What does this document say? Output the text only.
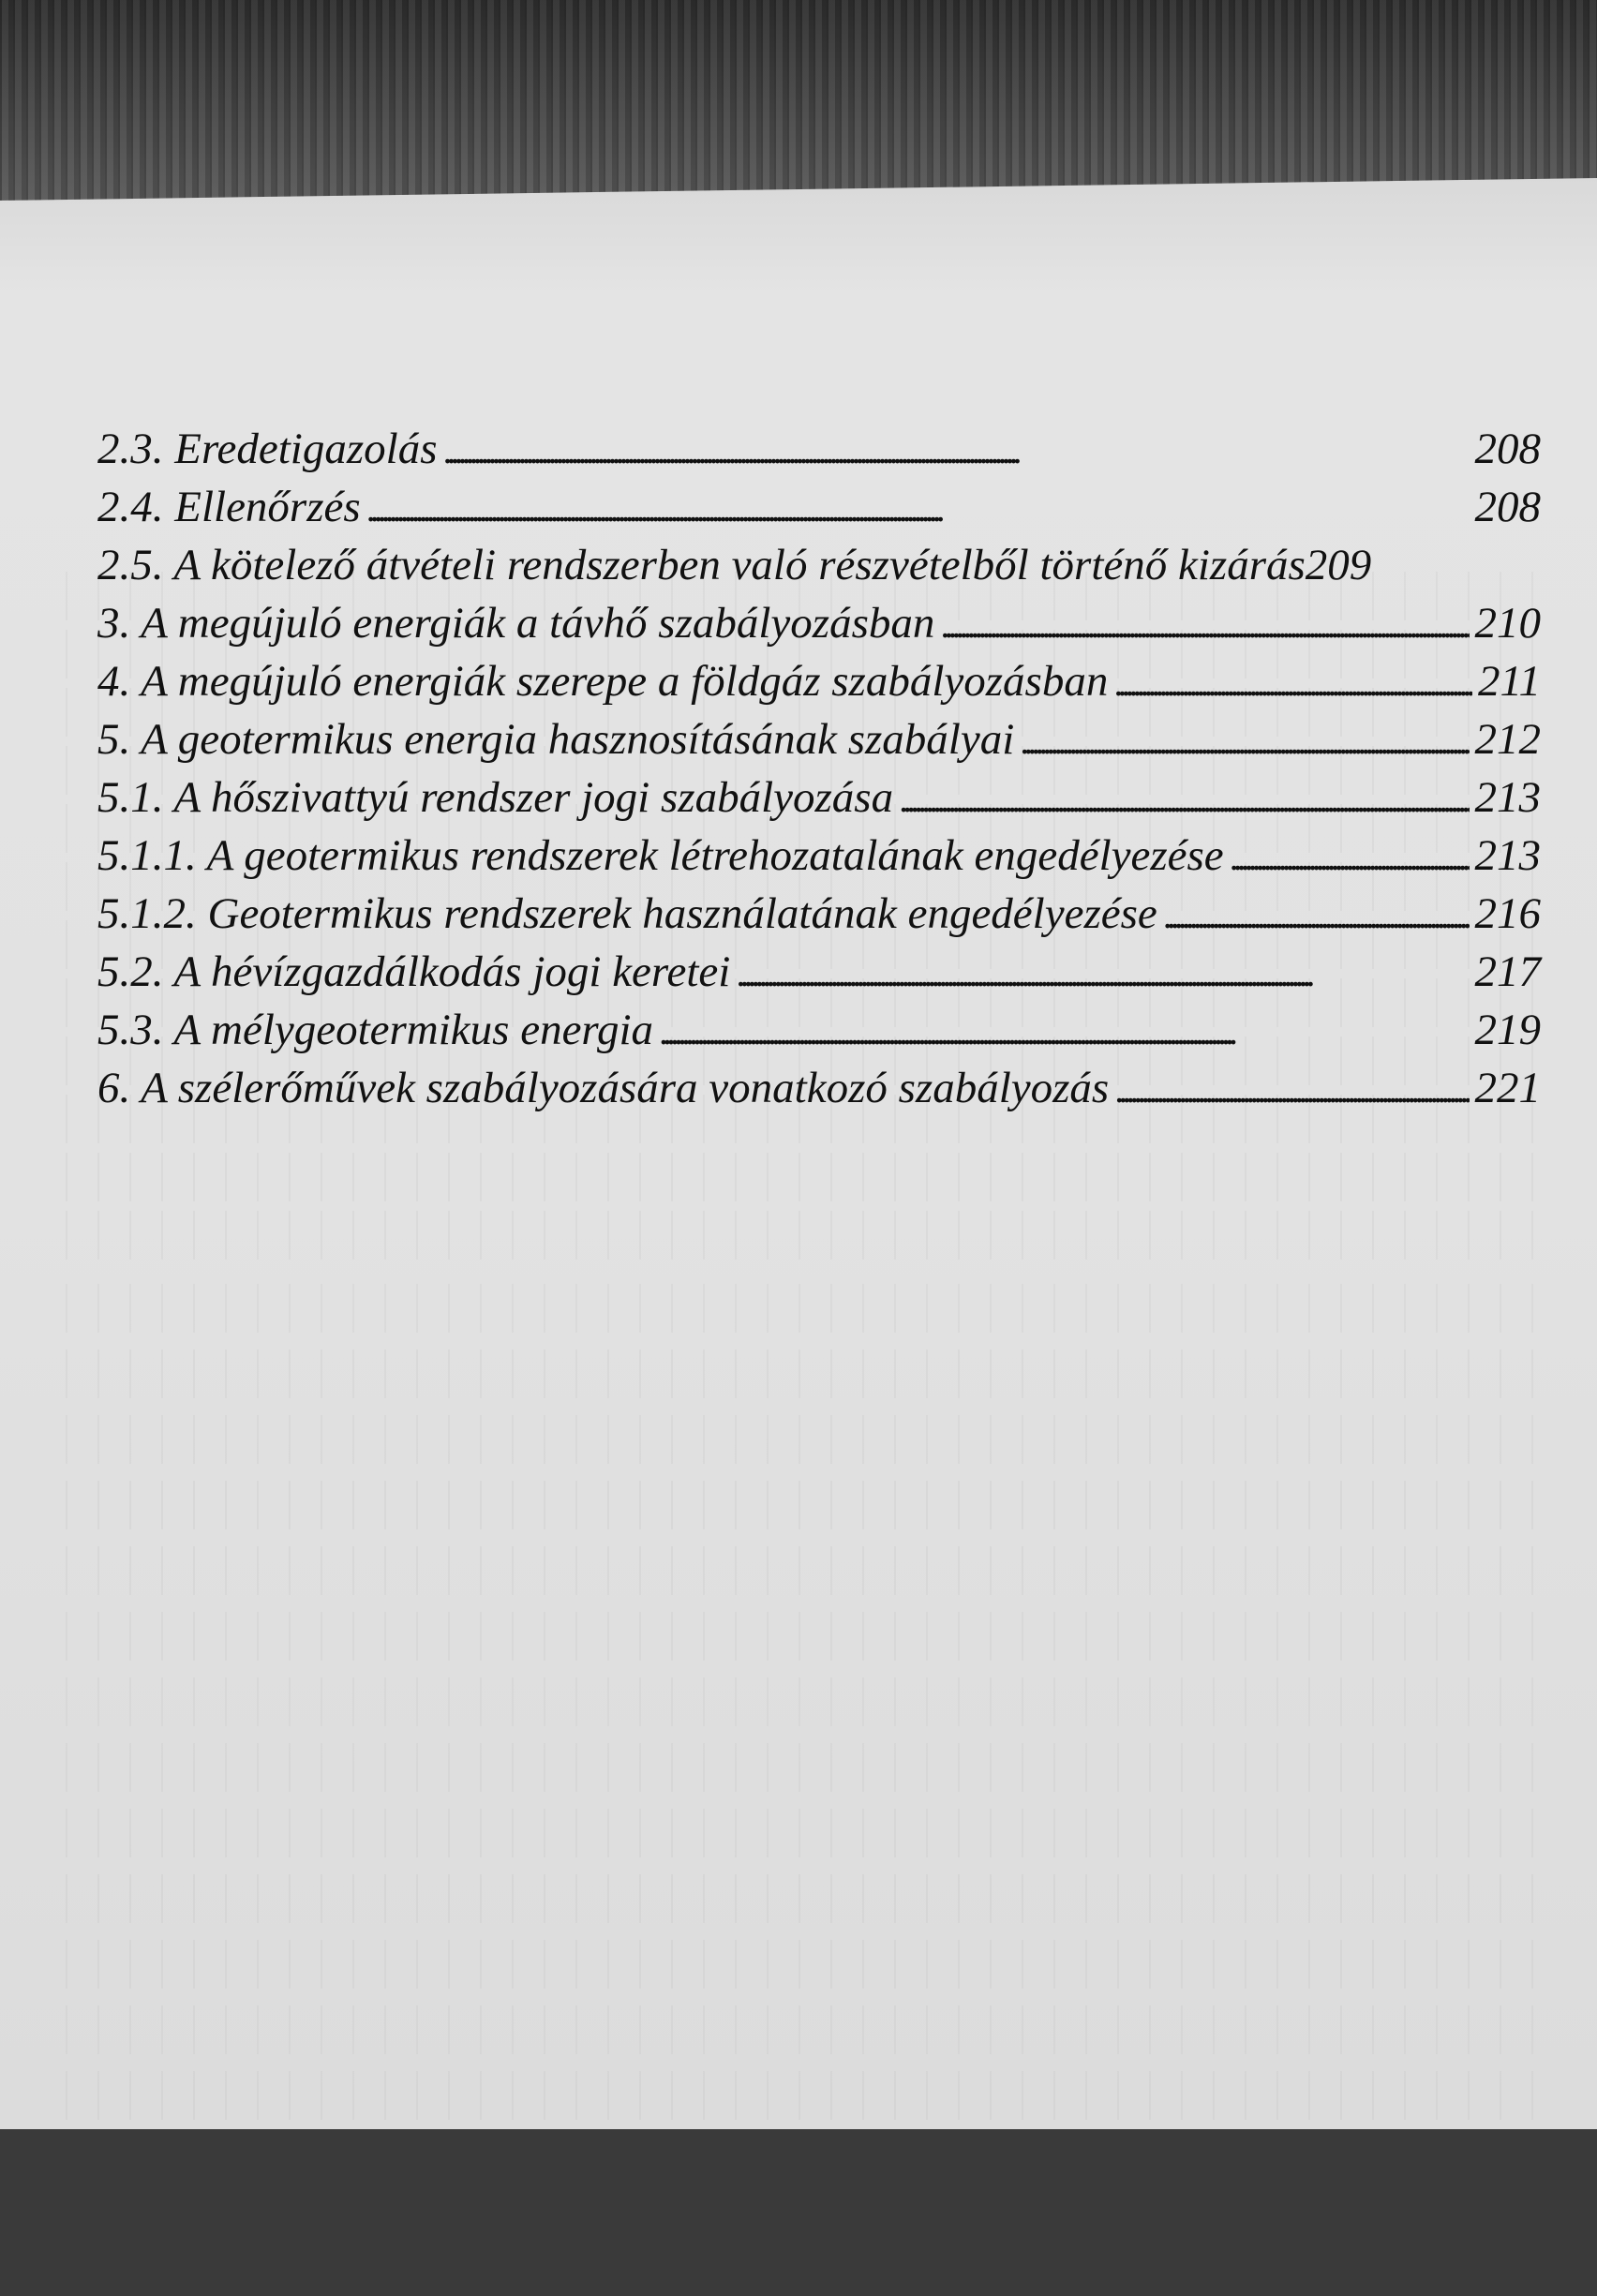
2.3. Eredetigazolás . . .	208
2.4. Ellenőrzés . . .	208
2.5. A kötelező átvételi rendszerben való részvételből történő kizárás 209
3. A megújuló energiák a távhő szabályozásban . . .	210
4. A megújuló energiák szerepe a földgáz szabályozásban . . .	211
5. A geotermikus energia hasznosításának szabályai . . .	212
5.1. A hőszivattyú rendszer jogi szabályozása . . .	213
5.1.1. A geotermikus rendszerek létrehozatalának engedélyezése . . .	213
5.1.2. Geotermikus rendszerek használatának engedélyezése . . .	216
5.2. A hévízgazdálkodás jogi keretei . . .	217
5.3. A mélygeotermikus energia . . .	219
6. A szélerőművek szabályozására vonatkozó szabályozás . . .	221
